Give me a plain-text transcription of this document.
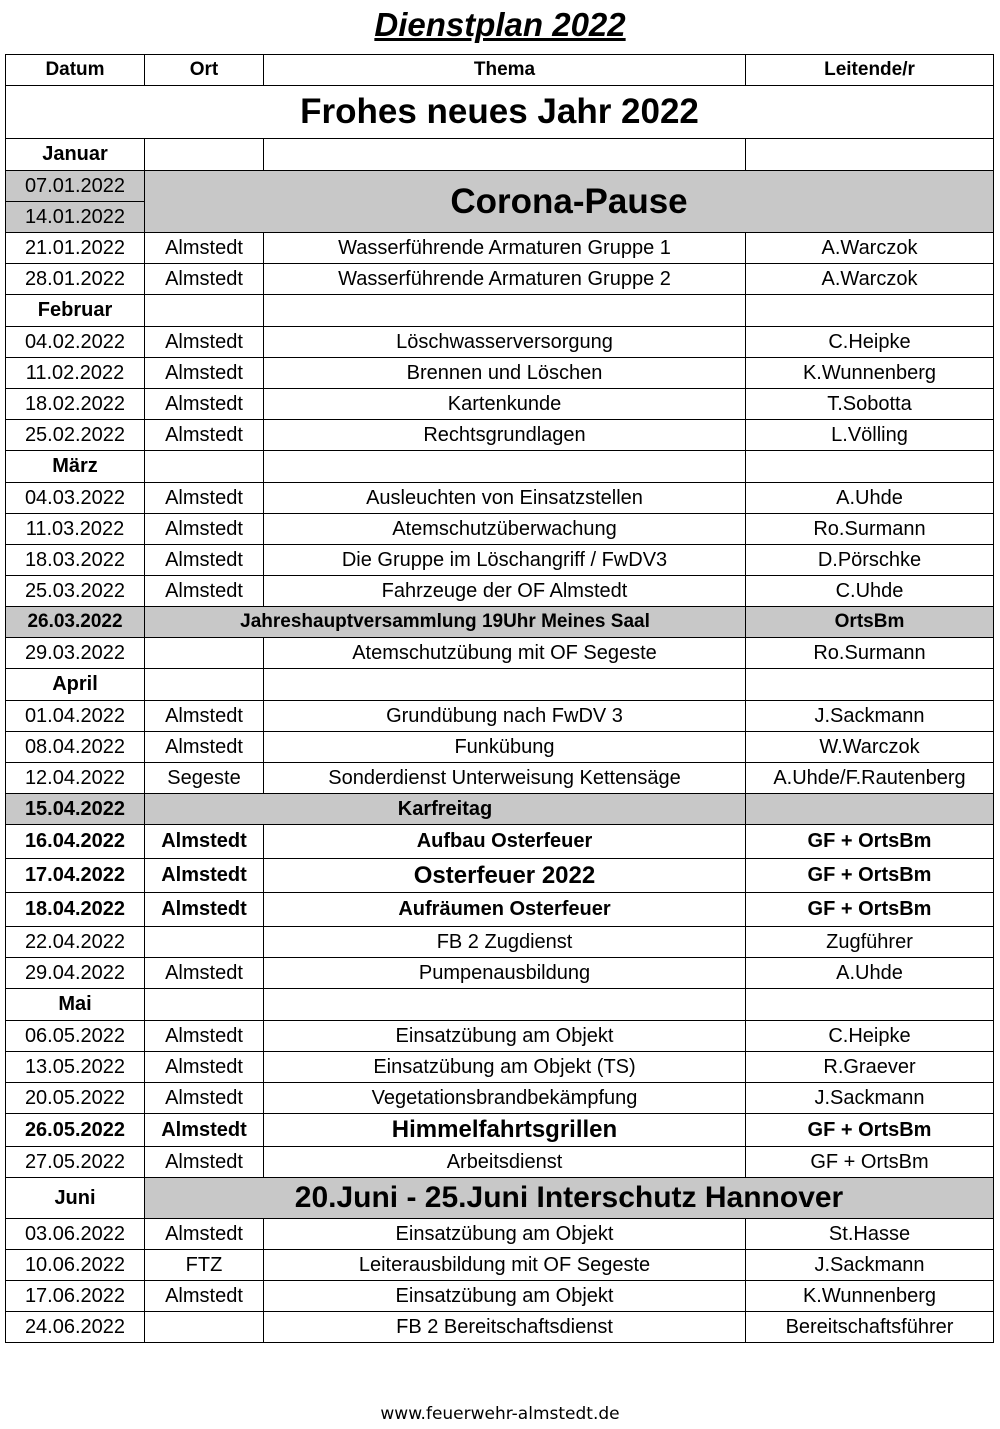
Dienstplan 2022
Datum	Ort	Thema	Leitende/r
Frohes neues Jahr 2022			
Januar			
07.01.2022	Corona-Pause		
14.01.2022			
21.01.2022	Almstedt	Wasserführende Armaturen Gruppe 1	A.Warczok
28.01.2022	Almstedt	Wasserführende Armaturen Gruppe 2	A.Warczok
Februar			
04.02.2022	Almstedt	Löschwasserversorgung	C.Heipke
11.02.2022	Almstedt	Brennen und Löschen	K.Wunnenberg
18.02.2022	Almstedt	Kartenkunde	T.Sobotta
25.02.2022	Almstedt	Rechtsgrundlagen	L.Völling
März			
04.03.2022	Almstedt	Ausleuchten von Einsatzstellen	A.Uhde
11.03.2022	Almstedt	Atemschutzüberwachung	Ro.Surmann
18.03.2022	Almstedt	Die Gruppe im Löschangriff / FwDV3	D.Pörschke
25.03.2022	Almstedt	Fahrzeuge der OF Almstedt	C.Uhde
26.03.2022	Jahreshauptversammlung 19Uhr Meines Saal		OrtsBm
29.03.2022		Atemschutzübung mit OF Segeste	Ro.Surmann
April			
01.04.2022	Almstedt	Grundübung nach FwDV 3	J.Sackmann
08.04.2022	Almstedt	Funkübung	W.Warczok
12.04.2022	Segeste	Sonderdienst Unterweisung Kettensäge	A.Uhde/F.Rautenberg
15.04.2022	Karfreitag		
16.04.2022	Almstedt	Aufbau Osterfeuer	GF + OrtsBm
17.04.2022	Almstedt	Osterfeuer 2022	GF + OrtsBm
18.04.2022	Almstedt	Aufräumen Osterfeuer	GF + OrtsBm
22.04.2022		FB 2 Zugdienst	Zugführer
29.04.2022	Almstedt	Pumpenausbildung	A.Uhde
Mai			
06.05.2022	Almstedt	Einsatzübung am Objekt	C.Heipke
13.05.2022	Almstedt	Einsatzübung am Objekt (TS)	R.Graever
20.05.2022	Almstedt	Vegetationsbrandbekämpfung	J.Sackmann
26.05.2022	Almstedt	Himmelfahrtsgrillen	GF + OrtsBm
27.05.2022	Almstedt	Arbeitsdienst	GF + OrtsBm
Juni	20.Juni - 25.Juni Interschutz Hannover		
03.06.2022	Almstedt	Einsatzübung am Objekt	St.Hasse
10.06.2022	FTZ	Leiterausbildung mit OF Segeste	J.Sackmann
17.06.2022	Almstedt	Einsatzübung am Objekt	K.Wunnenberg
24.06.2022		FB 2 Bereitschaftsdienst	Bereitschaftsführer
www.feuerwehr-almstedt.de
